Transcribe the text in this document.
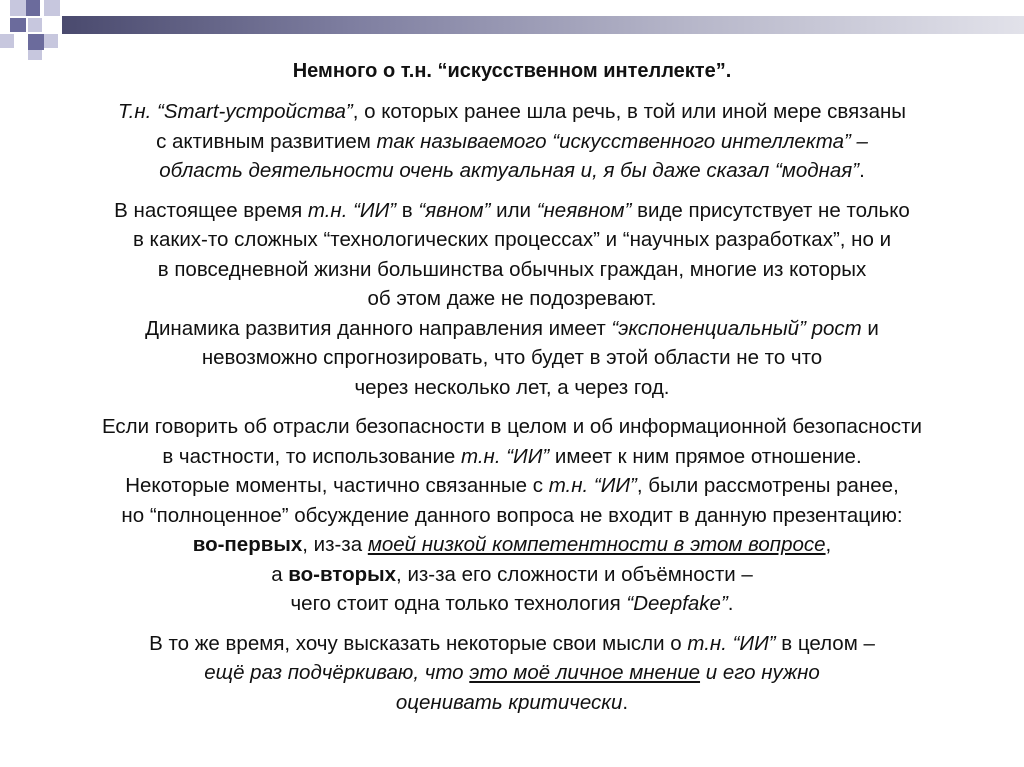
Немного о т.н. “искусственном интеллекте”.

Т.н. “Smart-устройства”, о которых ранее шла речь, в той или иной мере связаны
с активным развитием так называемого “искусственного интеллекта” –
область деятельности очень актуальная и, я бы даже сказал “модная”.

В настоящее время т.н. “ИИ” в “явном” или “неявном” виде присутствует не только
в каких-то сложных “технологических процессах” и “научных разработках”, но и
в повседневной жизни большинства обычных граждан, многие из которых
об этом даже не подозревают.
Динамика развития данного направления имеет “экспоненциальный” рост и
невозможно спрогнозировать, что будет в этой области не то что
через несколько лет, а через год.

Если говорить об отрасли безопасности в целом и об информационной безопасности
в частности, то использование т.н. “ИИ” имеет к ним прямое отношение.
Некоторые моменты, частично связанные с т.н. “ИИ”, были рассмотрены ранее,
но “полноценное” обсуждение данного вопроса не входит в данную презентацию:
во-первых, из-за моей низкой компетентности в этом вопросе,
а во-вторых, из-за его сложности и объёмности –
чего стоит одна только технология “Deepfake”.

В то же время, хочу высказать некоторые свои мысли о т.н. “ИИ” в целом –
ещё раз подчёркиваю, что это моё личное мнение и его нужно
оценивать критически.
